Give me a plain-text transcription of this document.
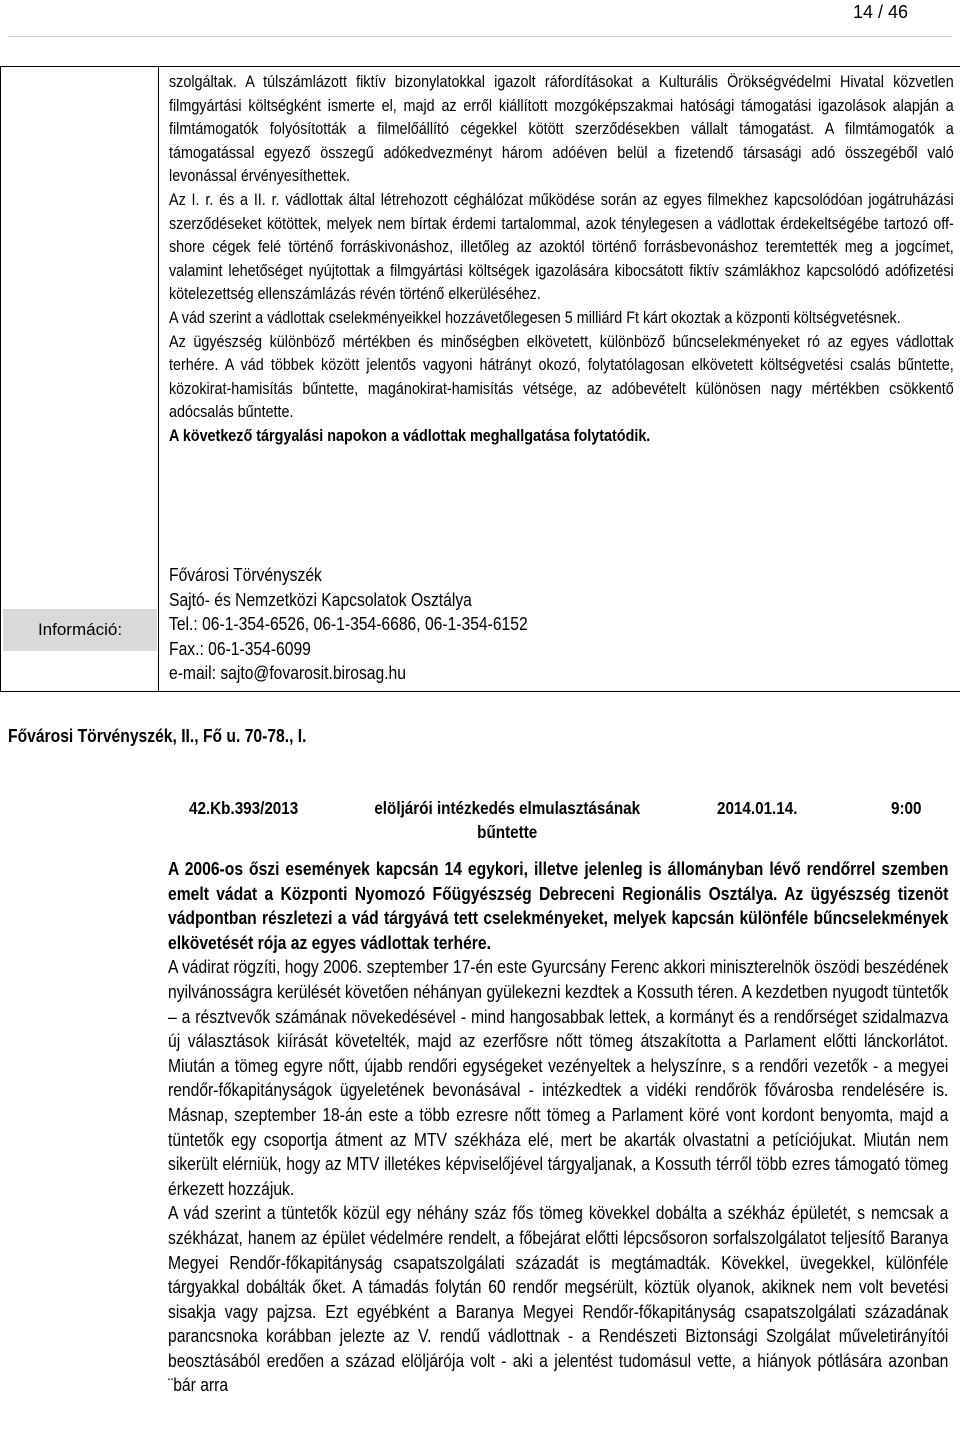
14 / 46
Információ:

szolgáltak. A túlszámlázott fiktív bizonylatokkal igazolt ráfordításokat a Kulturális Örökségvédelmi Hivatal közvetlen filmgyártási költségként ismerte el, majd az erről kiállított mozgóképszakmai hatósági támogatási igazolások alapján a filmtámogatók folyósították a filmelőállító cégekkel kötött szerződésekben vállalt támogatást. A filmtámogatók a támogatással egyező összegű adókedvezményt három adóéven belül a fizetendő társasági adó összegéből való levonással érvényesíthettek.

Az I. r. és a II. r. vádlottak által létrehozott céghálózat működése során az egyes filmekhez kapcsolódóan jogátruházási szerződéseket kötöttek, melyek nem bírtak érdemi tartalommal, azok ténylegesen a vádlottak érdekeltségébe tartozó off-shore cégek felé történő forráskivonáshoz, illetőleg az azoktól történő forrásbevonáshoz teremtették meg a jogcímet, valamint lehetőséget nyújtottak a filmgyártási költségek igazolására kibocsátott fiktív számlákhoz kapcsolódó adófizetési kötelezettség ellenszámlázás révén történő elkerüléséhez.

A vád szerint a vádlottak cselekményeikkel hozzávetőlegesen 5 milliárd Ft kárt okoztak a központi költségvetésnek.

Az ügyészség különböző mértékben és minőségben elkövetett, különböző bűncselekményeket ró az egyes vádlottak terhére. A vád többek között jelentős vagyoni hátrányt okozó, folytatólagosan elkövetett költségvetési csalás bűntette, közokirat-hamisítás bűntette, magánokirat-hamisítás vétsége, az adóbevételt különösen nagy mértékben csökkentő adócsalás bűntette.

A következő tárgyalási napokon a vádlottak meghallgatása folytatódik.

Fővárosi Törvényszék
Sajtó- és Nemzetközi Kapcsolatok Osztálya
Tel.: 06-1-354-6526, 06-1-354-6686, 06-1-354-6152
Fax.: 06-1-354-6099
e-mail: sajto@fovarosit.birosag.hu
Fővárosi Törvényszék, II., Fő u. 70-78., I.
42.Kb.393/2013	elöljárói intézkedés elmulasztásának bűntette
2014.01.14.	9:00

A 2006-os őszi események kapcsán 14 egykori, illetve jelenleg is állományban lévő rendőrrel szemben emelt vádat a Központi Nyomozó Főügyészség Debreceni Regionális Osztálya. Az ügyészség tizenöt vádpontban részletezi a vád tárgyává tett cselekményeket, melyek kapcsán különféle bűncselekmények elkövetését rója az egyes vádlottak terhére.

A vádirat rögzíti, hogy 2006. szeptember 17-én este Gyurcsány Ferenc akkori miniszterelnök öszödi beszédének nyilvánosságra kerülését követően néhányan gyülekezni kezdtek a Kossuth téren. A kezdetben nyugodt tüntetők – a résztvevők számának növekedésével - mind hangosabbak lettek, a kormányt és a rendőrséget szidalmazva új választások kiírását követelték, majd az ezerfősre nőtt tömeg átszakította a Parlament előtti lánckorlátot. Miután a tömeg egyre nőtt, újabb rendőri egységeket vezényeltek a helyszínre, s a rendőri vezetők - a megyei rendőr-főkapitányságok ügyeletének bevonásával - intézkedtek a vidéki rendőrök fővárosba rendelésére is. Másnap, szeptember 18-án este a több ezresre nőtt tömeg a Parlament köré vont kordont benyomta, majd a tüntetők egy csoportja átment az MTV székháza elé, mert be akarták olvastatni a petíciójukat. Miután nem sikerült elérniük, hogy az MTV illetékes képviselőjével tárgyaljanak, a Kossuth térről több ezres támogató tömeg érkezett hozzájuk.

A vád szerint a tüntetők közül egy néhány száz fős tömeg kövekkel dobálta a székház épületét, s nemcsak a székházat, hanem az épület védelmére rendelt, a főbejárat előtti lépcsősoron sorfalszolgálatot teljesítő Baranya Megyei Rendőr-főkapitányság csapatszolgálati századát is megtámadták. Kövekkel, üvegekkel, különféle tárgyakkal dobálták őket. A támadás folytán 60 rendőr megsérült, köztük olyanok, akiknek nem volt bevetési sisakja vagy pajzsa. Ezt egyébként a Baranya Megyei Rendőr-főkapitányság csapatszolgálati századának parancsnoka korábban jelezte az V. rendű vádlottnak - a Rendészeti Biztonsági Szolgálat műveletirányítói beosztásából eredően a század elöljárója volt - aki a jelentést tudomásul vette, a hiányok pótlására azonban ¨bár arra
